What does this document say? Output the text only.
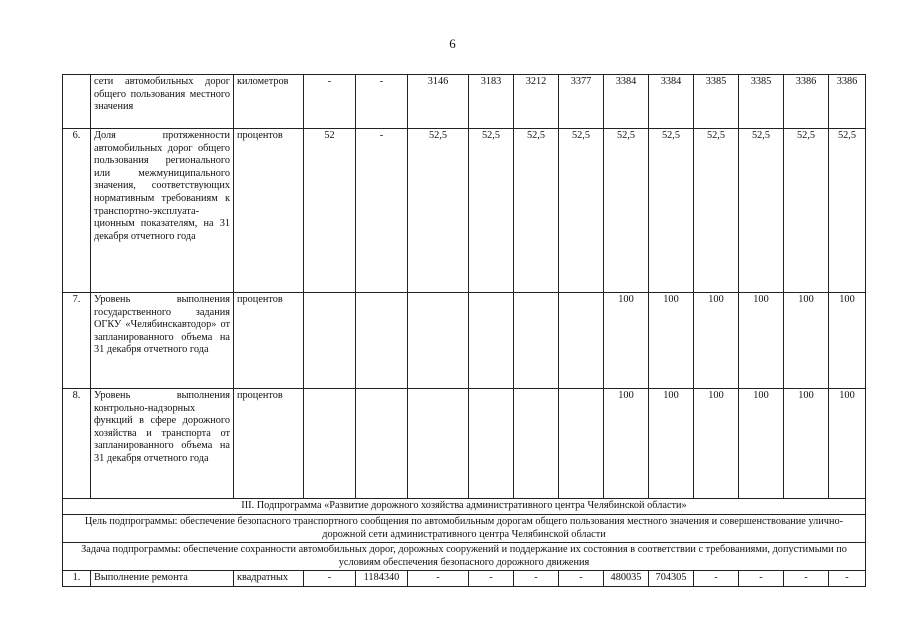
6
	сети автомобильных дорог общего пользования местного значения	километров	-	-	3146	3183	3212	3377	3384	3384	3385	3385	3386	3386
6.	Доля протяженности автомобильных дорог общего пользования регионального или межмуниципального значения, соответствующих нормативным требованиям к транспортно-эксплуата-ционным показателям, на 31 декабря отчетного года	процентов	52	-	52,5	52,5	52,5	52,5	52,5	52,5	52,5	52,5	52,5	52,5
7.	Уровень выполнения государственного задания ОГКУ «Челябинскавтодор» от запланированного объема на 31 декабря отчетного года	процентов							100	100	100	100	100	100
8.	Уровень выполнения контрольно-надзорных функций в сфере дорожного хозяйства и транспорта от запланированного объема на 31 декабря отчетного года	процентов							100	100	100	100	100	100
III. Подпрограмма «Развитие дорожного хозяйства административного центра Челябинской области»														
Цель подпрограммы: обеспечение безопасного транспортного сообщения по автомобильным дорогам общего пользования местного значения и совершенствование улично-дорожной сети административного центра Челябинской области														
Задача подпрограммы: обеспечение сохранности автомобильных дорог, дорожных сооружений и поддержание их состояния в соответствии с требованиями, допустимыми по условиям обеспечения безопасного дорожного движения														
1.	Выполнение ремонта	квадратных	-	1184340	-	-	-	-	480035	704305	-	-	-	-
